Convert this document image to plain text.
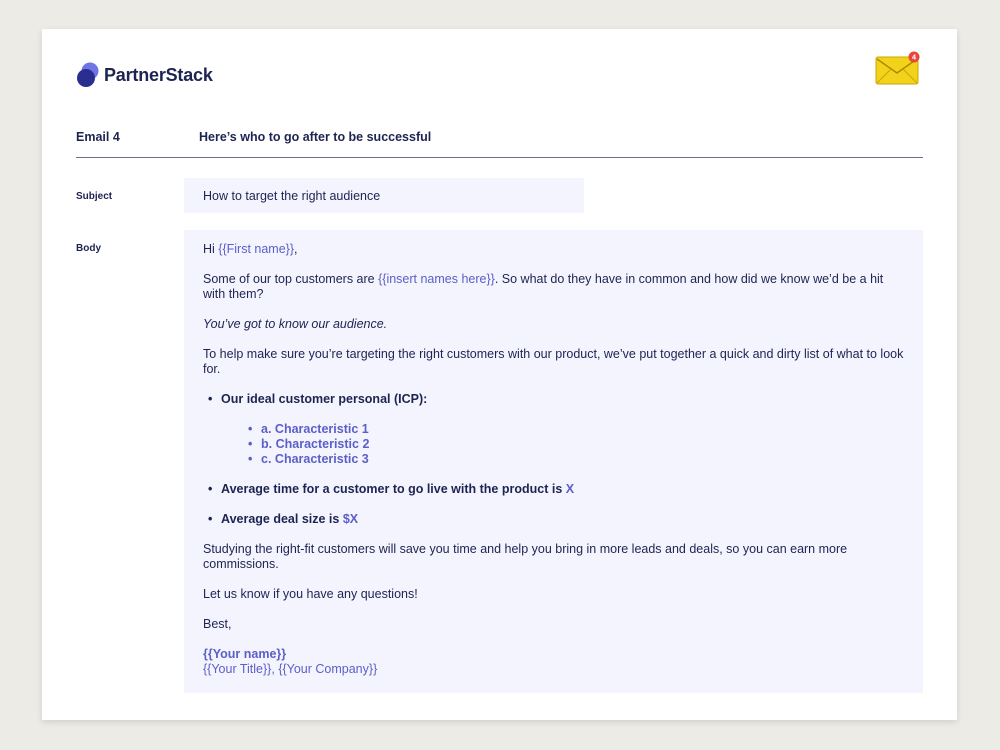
PartnerStack
4
Email 4	Here’s who to go after to be successful
Subject	How to target the right audience
Body	Hi {{First name}},

Some of our top customers are {{insert names here}}. So what do they have in common and how did we know we’d be a hit with them?

You’ve got to know our audience.

To help make sure you’re targeting the right customers with our product, we’ve put together a quick and dirty list of what to look for.

• Our ideal customer personal (ICP):
• a. Characteristic 1
• b. Characteristic 2
• c. Characteristic 3
• Average time for a customer to go live with the product is X
• Average deal size is $X

Studying the right-fit customers will save you time and help you bring in more leads and deals, so you can earn more commissions.

Let us know if you have any questions!

Best,

{{Your name}}
{{Your Title}}, {{Your Company}}
